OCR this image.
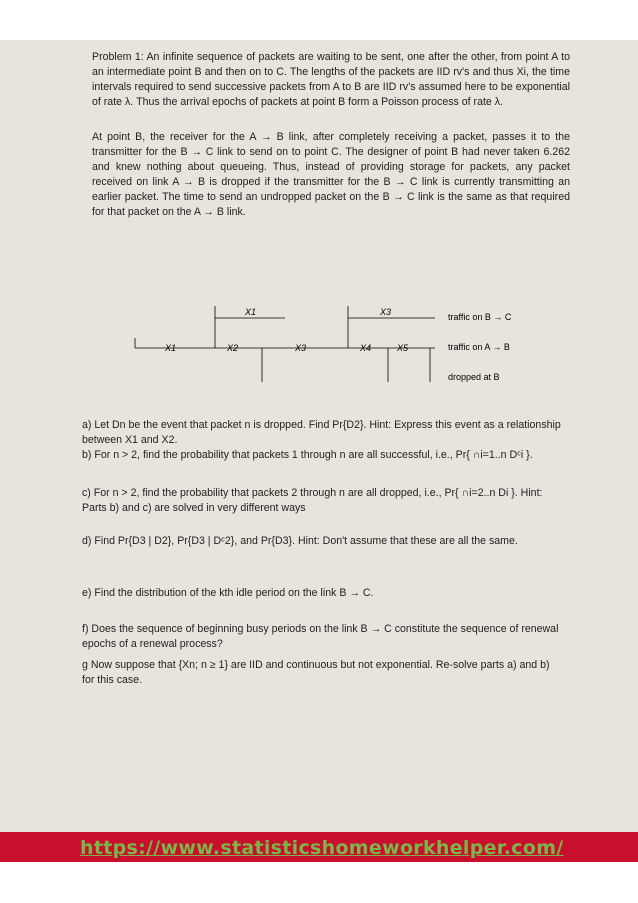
Problem 1: An infinite sequence of packets are waiting to be sent, one after the other, from point A to an intermediate point B and then on to C. The lengths of the packets are IID rv's and thus Xi, the time intervals required to send successive packets from A to B are IID rv's assumed here to be exponential of rate λ. Thus the arrival epochs of packets at point B form a Poisson process of rate λ.
At point B, the receiver for the A → B link, after completely receiving a packet, passes it to the transmitter for the B → C link to send on to point C. The designer of point B had never taken 6.262 and knew nothing about queueing. Thus, instead of providing storage for packets, any packet received on link A → B is dropped if the transmitter for the B → C link is currently transmitting an earlier packet. The time to send an undropped packet on the B → C link is the same as that required for that packet on the A → B link.
X1	X3
X1	X2	X3	X4	X5
traffic on B → C
traffic on A → B
dropped at B
a) Let Dn be the event that packet n is dropped. Find Pr{D2}. Hint: Express this event as a relationship between X1 and X2.
b) For n > 2, find the probability that packets 1 through n are all successful, i.e., Pr{ ∩i=1..n Dᶜi }.
c) For n > 2, find the probability that packets 2 through n are all dropped, i.e., Pr{ ∩i=2..n Di }. Hint: Parts b) and c) are solved in very different ways
d) Find Pr{D3 | D2}, Pr{D3 | Dᶜ2}, and Pr{D3}. Hint: Don't assume that these are all the same.
e) Find the distribution of the kth idle period on the link B → C.
f) Does the sequence of beginning busy periods on the link B → C constitute the sequence of renewal epochs of a renewal process?
g Now suppose that {Xn; n ≥ 1} are IID and continuous but not exponential. Re-solve parts a) and b) for this case.
https://www.statisticshomeworkhelper.com/
